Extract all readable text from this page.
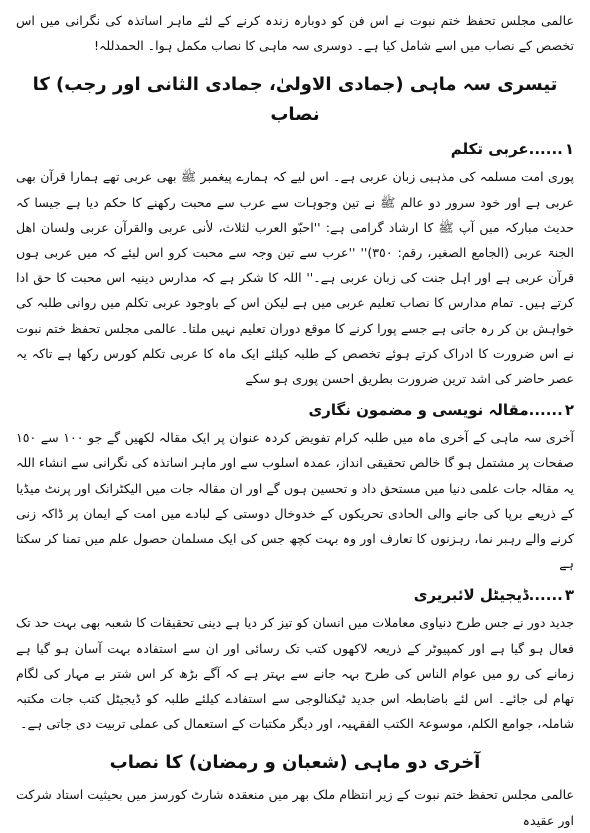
عالمی مجلس تحفظ ختم نبوت نے اس فن کو دوبارہ زندہ کرنے کے لئے ماہر اساتذہ کی نگرانی میں اس تخصص کے نصاب میں اسے شامل کیا ہے۔ دوسری سہ ماہی کا نصاب مکمل ہوا۔ الحمدللہ!

تیسری سہ ماہی (جمادی الاولیٰ، جمادی الثانی اور رجب) کا نصاب
۱......عربی تکلم

پوری امت مسلمہ کی مذہبی زبان عربی ہے۔ اس لیے کہ ہمارے پیغمبر ﷺ بھی عربی تھے ہمارا قرآن بھی عربی ہے اور خود سرور دو عالم ﷺ نے تین وجوہات سے عرب سے محبت رکھنے کا حکم دیا ہے جیسا کہ حدیث مبارکہ میں آپ ﷺ کا ارشاد گرامی ہے: ''احبّو العرب لثلاث، لأنی عربی والقرآن عربی ولسان اھل الجنۃ عربی (الجامع الصغیر، رقم: ٣٥٠)'' ''عرب سے تین وجہ سے محبت کرو اس لیئے کہ میں عربی ہوں قرآن عربی ہے اور اہل جنت کی زبان عربی ہے۔'' اللہ کا شکر ہے کہ مدارس دینیہ اس محبت کا حق ادا کرتے ہیں۔ تمام مدارس کا نصاب تعلیم عربی میں ہے لیکن اس کے باوجود عربی تکلم میں روانی طلبہ کی خواہش بن کر رہ جاتی ہے جسے پورا کرنے کا موقع دوران تعلیم نہیں ملتا۔ عالمی مجلس تحفظ ختم نبوت نے اس ضرورت کا ادراک کرتے ہوئے تخصص کے طلبہ کیلئے ایک ماہ کا عربی تکلم کورس رکھا ہے تاکہ یہ عصر حاضر کی اشد ترین ضرورت بطریق احسن پوری ہو سکے

۲......مقالہ نویسی و مضمون نگاری

آخری سہ ماہی کے آخری ماہ میں طلبہ کرام تفویض کردہ عنوان پر ایک مقالہ لکھیں گے جو ١٠٠ سے ١٥٠ صفحات پر مشتمل ہو گا خالص تحقیقی انداز، عمدہ اسلوب سے اور ماہر اساتذہ کی نگرانی سے انشاء اللہ یہ مقالہ جات علمی دنیا میں مستحق داد و تحسین ہوں گے اور ان مقالہ جات میں الیکٹرانک اور پرنٹ میڈیا کے ذریعے برپا کی جانے والی الحادی تحریکوں کے خدوخال دوستی کے لبادے میں امت کے ایمان پر ڈاکہ زنی کرنے والے رہبر نما، رہزنوں کا تعارف اور وہ بہت کچھ جس کی ایک مسلمان حصول علم میں تمنا کر سکتا ہے

۳......ڈیجیٹل لائبریری

جدید دور نے جس طرح دنیاوی معاملات میں انسان کو تیز کر دیا ہے دینی تحقیقات کا شعبہ بھی بہت حد تک فعال ہو گیا ہے اور کمپیوٹر کے ذریعہ لاکھوں کتب تک رسائی اور ان سے استفادہ بہت آسان ہو گیا ہے زمانے کی رو میں عوام الناس کی طرح بہہ جانے سے بہتر ہے کہ آگے بڑھ کر اس شتر بے مہار کی لگام تھام لی جائے۔ اس لئے باضابطہ اس جدید ٹیکنالوجی سے استفادے کیلئے طلبہ کو ڈیجیٹل کتب جات مکتبہ شاملہ، جوامع الکلم، موسوعۃ الکتب الفقہیہ، اور دیگر مکتبات کے استعمال کی عملی تربیت دی جاتی ہے۔

آخری دو ماہی (شعبان و رمضان) کا نصاب

عالمی مجلس تحفظ ختم نبوت کے زیر انتظام ملک بھر میں منعقدہ شارٹ کورسز میں بحیثیت استاد شرکت اور عقیدہ
